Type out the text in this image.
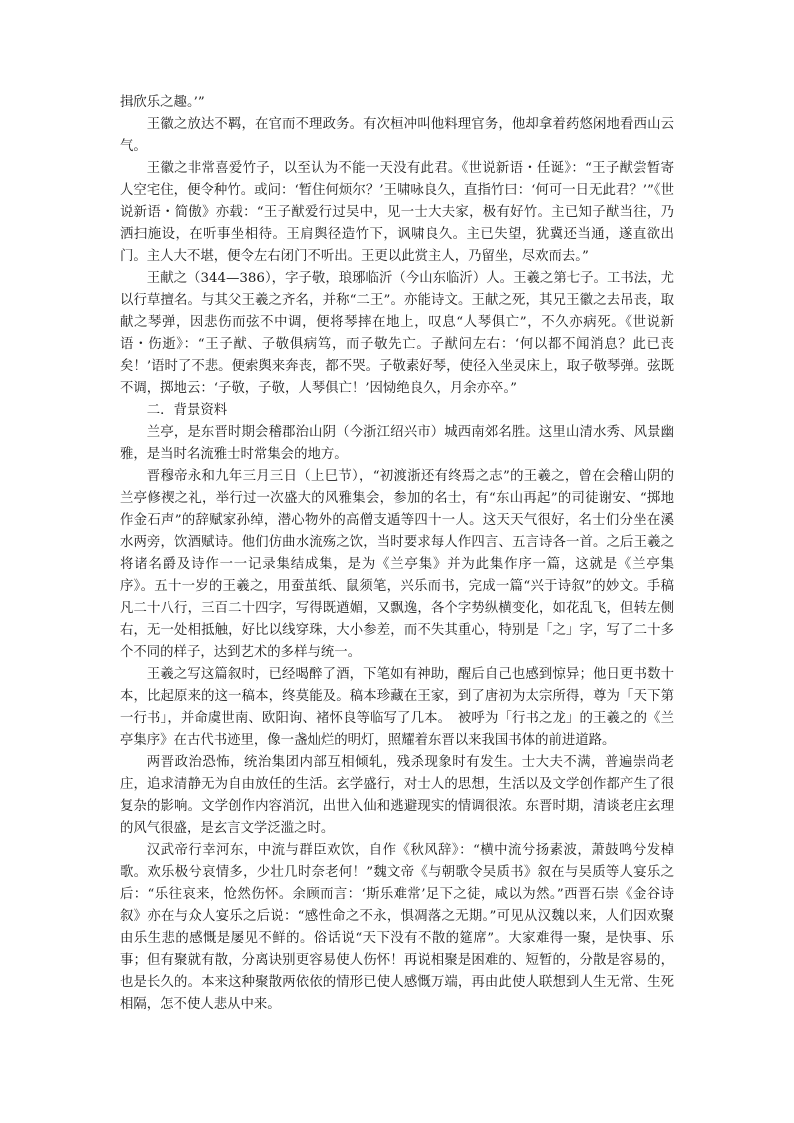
揖欣乐之趣。’”

王徽之放达不羁，在官而不理政务。有次桓冲叫他料理官务，他却拿着药悠闲地看西山云气。

王徽之非常喜爱竹子，以至认为不能一天没有此君。《世说新语・任诞》：“王子猷尝暂寄人空宅住，便令种竹。或问：‘暂住何烦尔？’王啸咏良久，直指竹曰：‘何可一日无此君？’”《世说新语・简傲》亦载：“王子猷爱行过吴中，见一士大夫家，极有好竹。主已知子猷当往，乃洒扫施设，在听事坐相待。王肩舆径造竹下，讽啸良久。主已失望，犹冀还当通，遂直欲出门。主人大不堪，便令左右闭门不听出。王更以此赏主人，乃留坐，尽欢而去。”

王献之（344—386），字子敬，琅琊临沂（今山东临沂）人。王羲之第七子。工书法，尤以行草擅名。与其父王羲之齐名，并称“二王”。亦能诗文。王献之死，其兄王徽之去吊丧，取献之琴弹，因悲伤而弦不中调，便将琴摔在地上，叹息“人琴俱亡”，不久亦病死。《世说新语・伤逝》：“王子猷、子敬俱病笃，而子敬先亡。子猷问左右：‘何以都不闻消息？此已丧矣！’语时了不悲。便索舆来奔丧，都不哭。子敬素好琴，使径入坐灵床上，取子敬琴弹。弦既不调，掷地云：‘子敬，子敬，人琴俱亡！’因恸绝良久，月余亦卒。”

二．背景资料

兰亭，是东晋时期会稽郡治山阴（今浙江绍兴市）城西南郊名胜。这里山清水秀、风景幽雅，是当时名流雅士时常集会的地方。

晋穆帝永和九年三月三日（上巳节），“初渡浙还有终焉之志”的王羲之，曾在会稽山阴的兰亭修禊之礼，举行过一次盛大的风雅集会，参加的名士，有“东山再起”的司徒谢安、“掷地作金石声”的辞赋家孙绰，潜心物外的高僧支遁等四十一人。这天天气很好，名士们分坐在溪水两旁，饮酒赋诗。他们仿曲水流殇之饮，当时要求每人作四言、五言诗各一首。之后王羲之将诸名爵及诗作一一记录集结成集，是为《兰亭集》并为此集作序一篇，这就是《兰亭集序》。五十一岁的王羲之，用蚕茧纸、鼠须笔，兴乐而书，完成一篇“兴于诗叙”的妙文。手稿凡二十八行，三百二十四字，写得既遒媚，又飘逸，各个字势纵横变化，如花乱飞，但转左侧右，无一处相抵触，好比以线穿珠，大小参差，而不失其重心，特别是「之」字，写了二十多个不同的样子，达到艺术的多样与统一。

王羲之写这篇叙时，已经喝醉了酒，下笔如有神助，醒后自己也感到惊异；他日更书数十本，比起原来的这一稿本，终莫能及。稿本珍藏在王家，到了唐初为太宗所得，尊为「天下第一行书」，并命虞世南、欧阳询、褚怀良等临写了几本。　被呼为「行书之龙」的王羲之的《兰亭集序》在古代书迹里，像一盏灿烂的明灯，照耀着东晋以来我国书体的前进道路。

两晋政治恐怖，统治集团内部互相倾轧，残杀现象时有发生。士大夫不满，普遍崇尚老庄，追求清静无为自由放任的生活。玄学盛行，对士人的思想，生活以及文学创作都产生了很复杂的影响。文学创作内容消沉，出世入仙和逃避现实的情调很浓。东晋时期，清谈老庄玄理的风气很盛，是玄言文学泛滥之时。

汉武帝行幸河东，中流与群臣欢饮，自作《秋风辞》：“横中流兮扬素波，萧鼓鸣兮发棹歌。欢乐极兮哀情多，少壮几时奈老何！”魏文帝《与朝歌令吴质书》叙在与吴质等人宴乐之后：“乐往哀来，怆然伤怀。余顾而言：‘斯乐难常’足下之徒，咸以为然。”西晋石崇《金谷诗叙》亦在与众人宴乐之后说：“感性命之不永，惧凋落之无期。”可见从汉魏以来，人们因欢聚由乐生悲的感慨是屡见不鲜的。俗话说“天下没有不散的筵席”。大家难得一聚，是快事、乐事；但有聚就有散，分离诀别更容易使人伤怀！再说相聚是困难的、短暂的，分散是容易的，也是长久的。本来这种聚散两依依的情形已使人感慨万端，再由此使人联想到人生无常、生死相隔，怎不使人悲从中来。
